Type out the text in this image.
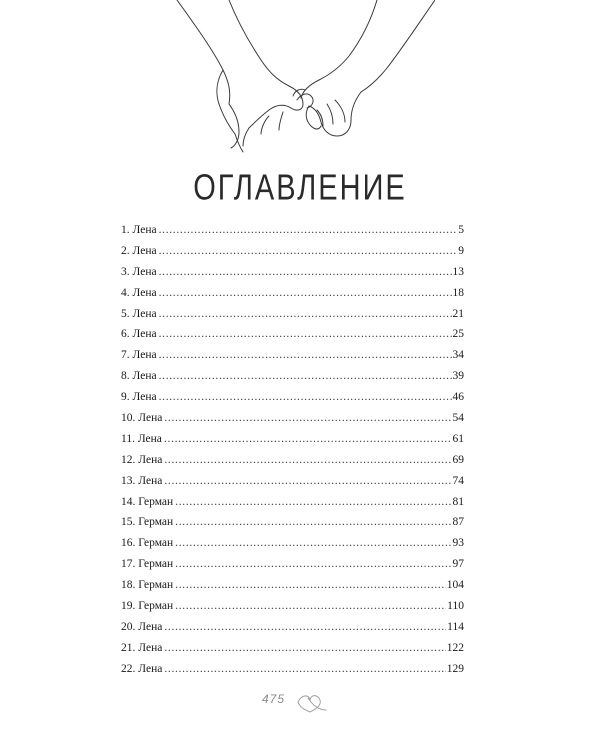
ОГЛАВЛЕНИЕ
1. Лена . . .	5
2. Лена . . .	9
3. Лена . . .	13
4. Лена . . .	18
5. Лена . . .	21
6. Лена . . .	25
7. Лена . . .	34
8. Лена . . .	39
9. Лена . . .	46
10. Лена . . .	54
11. Лена . . .	61
12. Лена . . .	69
13. Лена . . .	74
14. Герман . . .	81
15. Герман . . .	87
16. Герман . . .	93
17. Герман . . .	97
18. Герман . . .	104
19. Герман . . .	110
20. Лена . . .	114
21. Лена . . .	122
22. Лена . . .	129
475
